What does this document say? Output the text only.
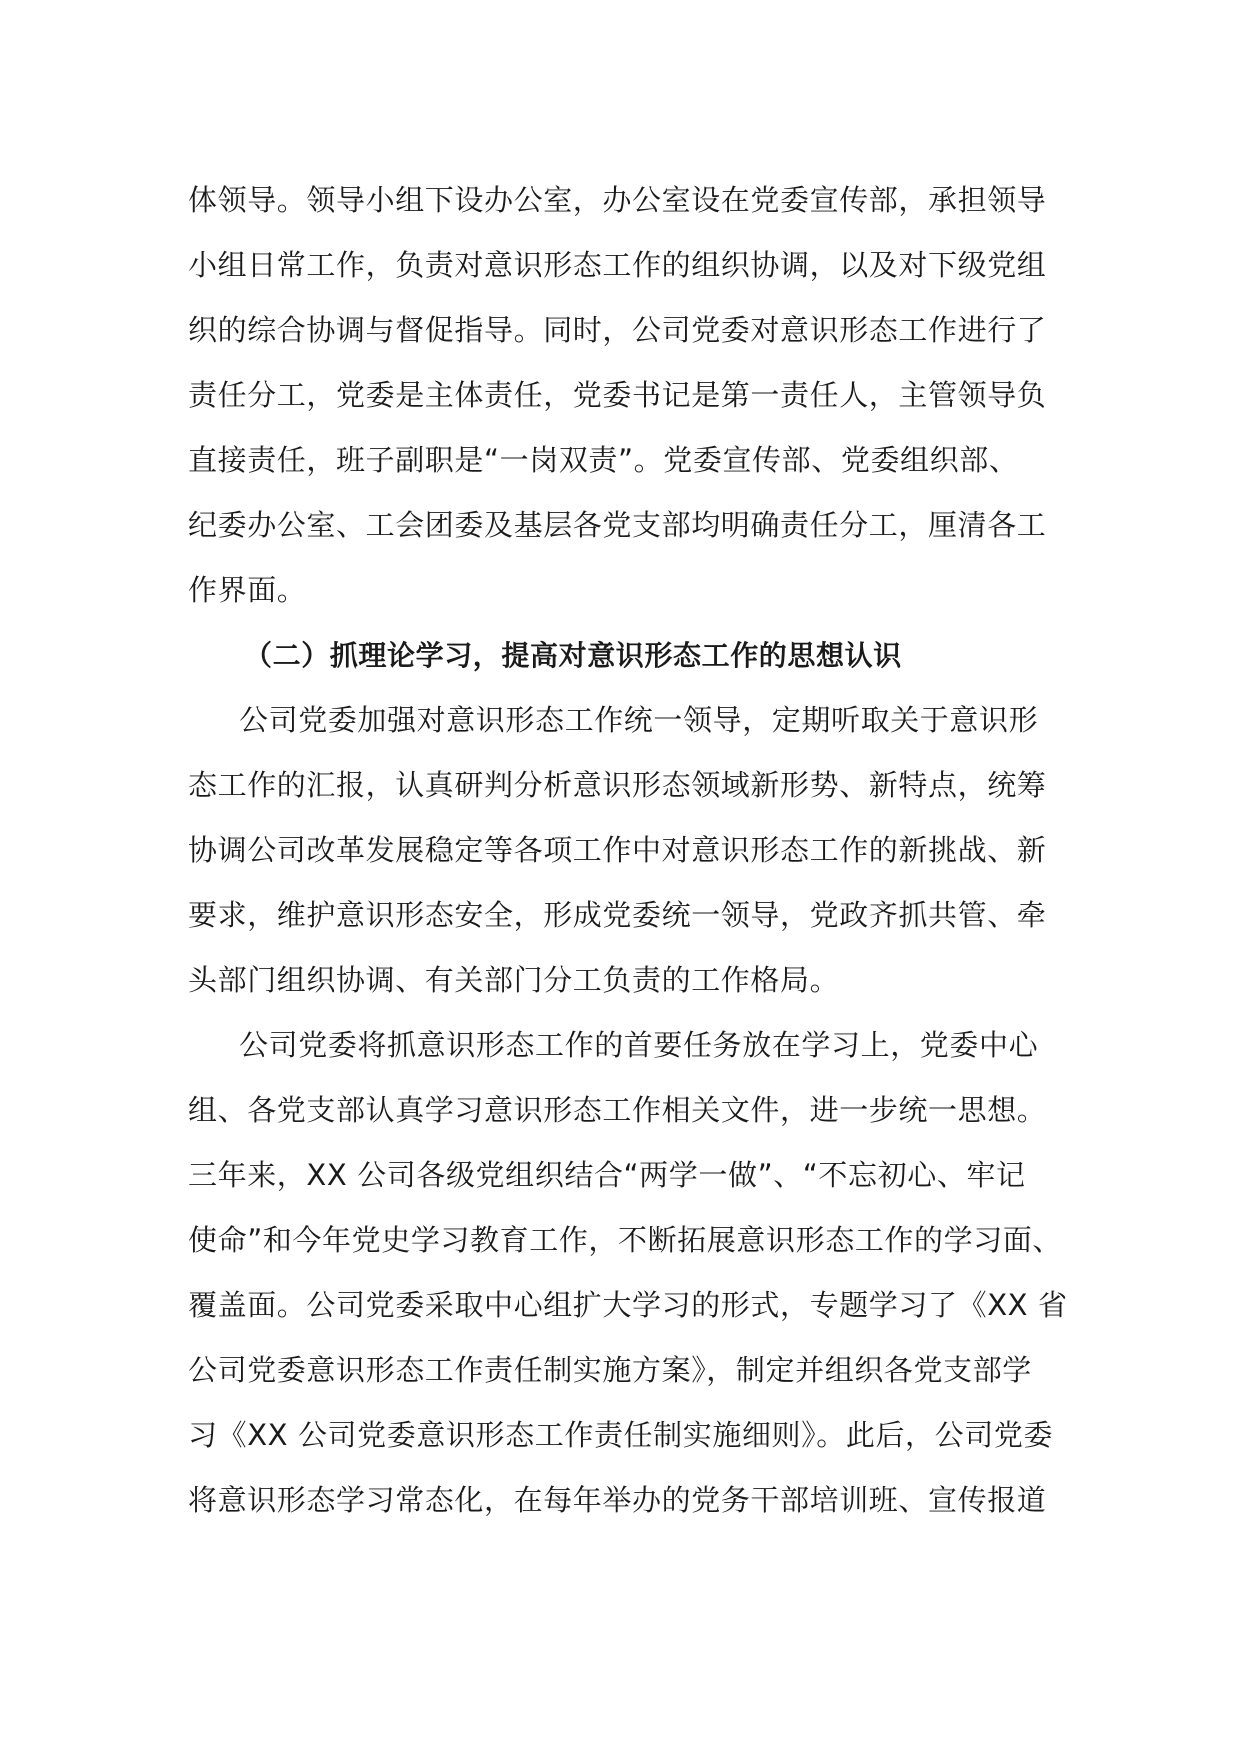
体领导。领导小组下设办公室，办公室设在党委宣传部，承担领导
小组日常工作，负责对意识形态工作的组织协调，以及对下级党组
织的综合协调与督促指导。同时，公司党委对意识形态工作进行了
责任分工，党委是主体责任，党委书记是第一责任人，主管领导负
直接责任，班子副职是“一岗双责”。党委宣传部、党委组织部、
纪委办公室、工会团委及基层各党支部均明确责任分工，厘清各工
作界面。
（二）抓理论学习，提高对意识形态工作的思想认识
公司党委加强对意识形态工作统一领导，定期听取关于意识形
态工作的汇报，认真研判分析意识形态领域新形势、新特点，统筹
协调公司改革发展稳定等各项工作中对意识形态工作的新挑战、新
要求，维护意识形态安全，形成党委统一领导，党政齐抓共管、牵
头部门组织协调、有关部门分工负责的工作格局。
公司党委将抓意识形态工作的首要任务放在学习上，党委中心
组、各党支部认真学习意识形态工作相关文件，进一步统一思想。
三年来，XX 公司各级党组织结合“两学一做”、“不忘初心、牢记
使命”和今年党史学习教育工作，不断拓展意识形态工作的学习面、
覆盖面。公司党委采取中心组扩大学习的形式，专题学习了《XX 省
公司党委意识形态工作责任制实施方案》，制定并组织各党支部学
习《XX 公司党委意识形态工作责任制实施细则》。此后，公司党委
将意识形态学习常态化，在每年举办的党务干部培训班、宣传报道
